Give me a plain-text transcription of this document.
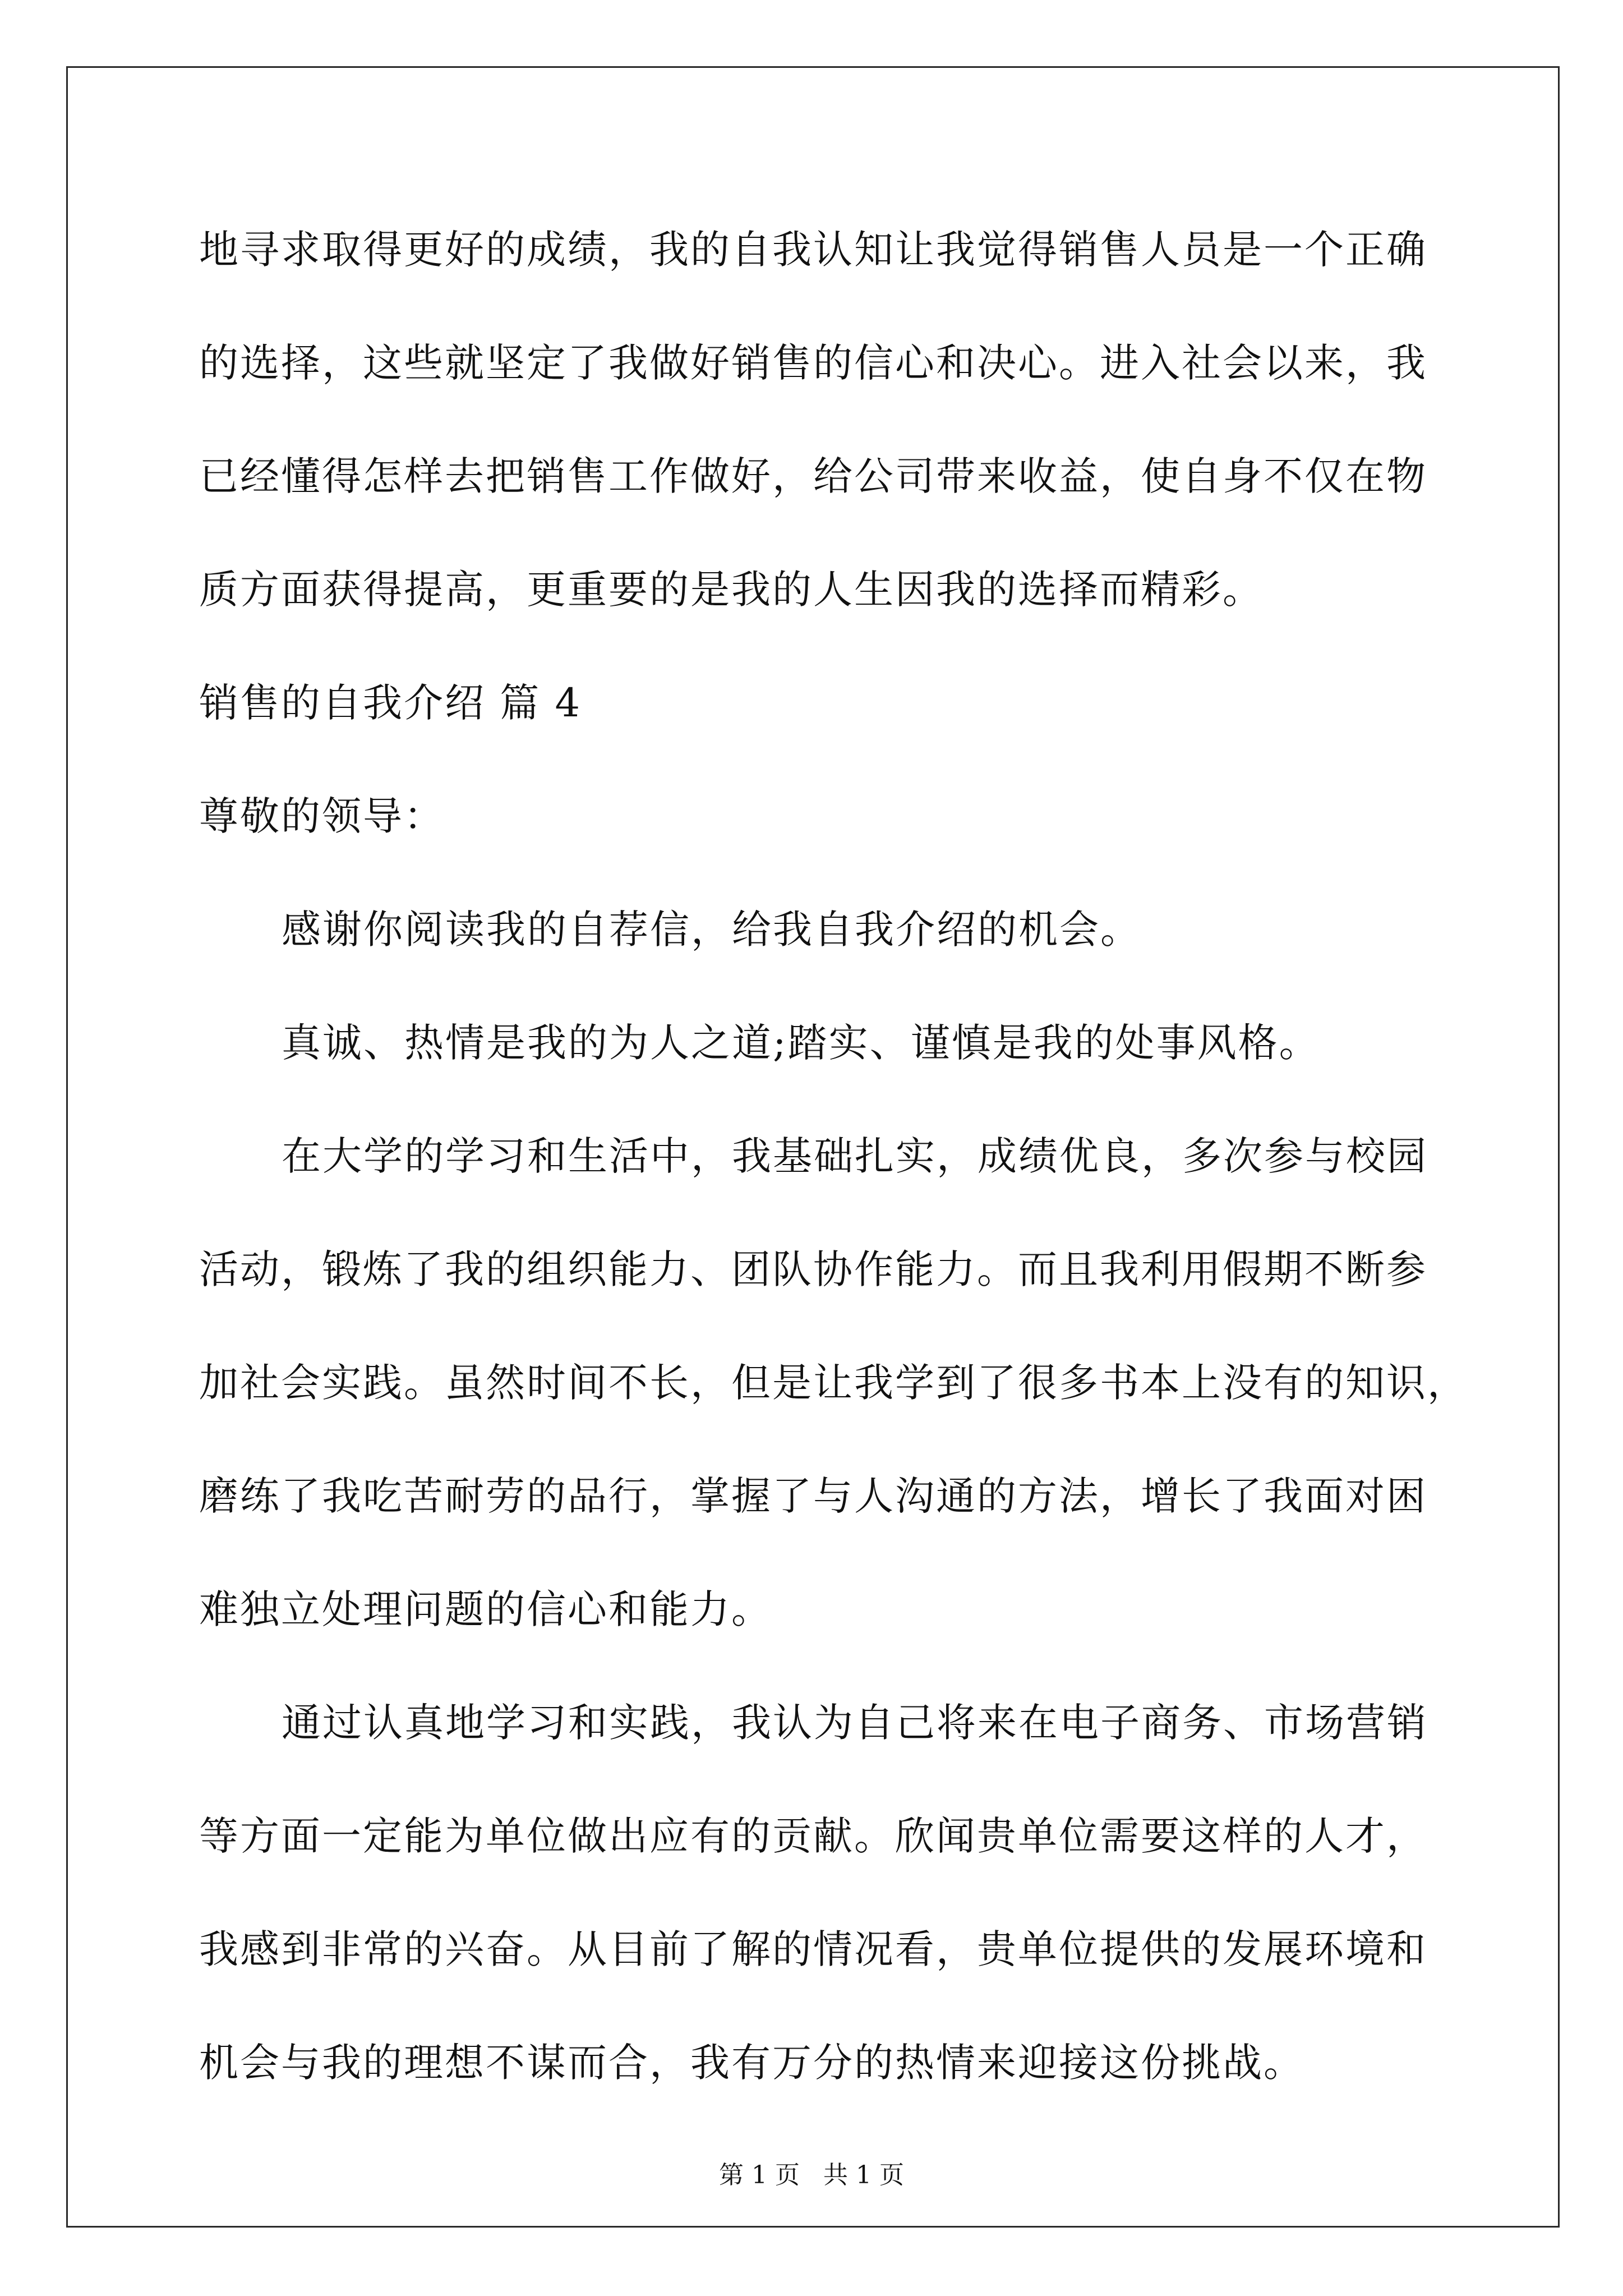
地寻求取得更好的成绩，我的自我认知让我觉得销售人员是一个正确
的选择，这些就坚定了我做好销售的信心和决心。进入社会以来，我
已经懂得怎样去把销售工作做好，给公司带来收益，使自身不仅在物
质方面获得提高，更重要的是我的人生因我的选择而精彩。
销售的自我介绍 篇 4
尊敬的领导：
感谢你阅读我的自荐信，给我自我介绍的机会。
真诚、热情是我的为人之道;踏实、谨慎是我的处事风格。
在大学的学习和生活中，我基础扎实，成绩优良，多次参与校园
活动，锻炼了我的组织能力、团队协作能力。而且我利用假期不断参
加社会实践。虽然时间不长，但是让我学到了很多书本上没有的知识，
磨练了我吃苦耐劳的品行，掌握了与人沟通的方法，增长了我面对困
难独立处理问题的信心和能力。
通过认真地学习和实践，我认为自己将来在电子商务、市场营销
等方面一定能为单位做出应有的贡献。欣闻贵单位需要这样的人才，
我感到非常的兴奋。从目前了解的情况看，贵单位提供的发展环境和
机会与我的理想不谋而合，我有万分的热情来迎接这份挑战。
第 1 页   共 1 页
